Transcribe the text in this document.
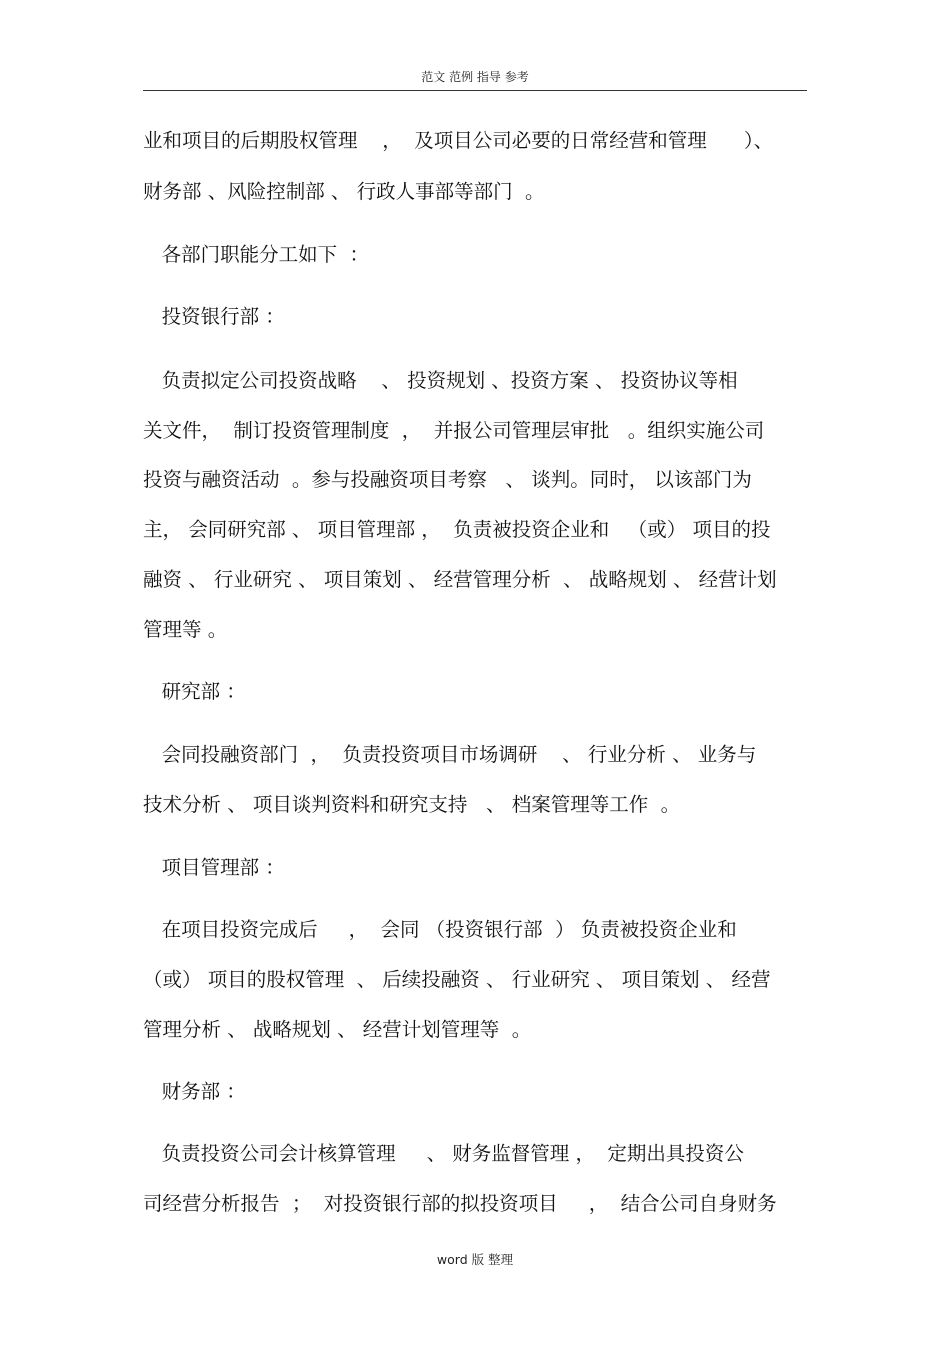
范文 范例 指导 参考
业和项目的后期股权管理    ，  及项目公司必要的日常经营和管理      ）、
财务部 、风险控制部 、 行政人事部等部门  。
各部门职能分工如下  ：
投资银行部 ：
负责拟定公司投资战略    、 投资规划 、投资方案 、 投资协议等相
关文件，  制订投资管理制度  ，  并报公司管理层审批   。组织实施公司
投资与融资活动  。参与投融资项目考察   、 谈判。同时， 以该部门为
主， 会同研究部 、 项目管理部 ，  负责被投资企业和   （或） 项目的投
融资 、 行业研究 、 项目策划 、 经营管理分析  、 战略规划 、 经营计划
管理等 。
研究部 ：
会同投融资部门  ，  负责投资项目市场调研    、 行业分析 、 业务与
技术分析 、 项目谈判资料和研究支持   、 档案管理等工作  。
项目管理部 ：
在项目投资完成后     ，  会同 （投资银行部  ） 负责被投资企业和
（或） 项目的股权管理  、 后续投融资 、 行业研究 、 项目策划 、 经营
管理分析 、 战略规划 、 经营计划管理等  。
财务部 ：
负责投资公司会计核算管理     、 财务监督管理 ，  定期出具投资公
司经营分析报告  ；  对投资银行部的拟投资项目     ，  结合公司自身财务
word 版 整理
